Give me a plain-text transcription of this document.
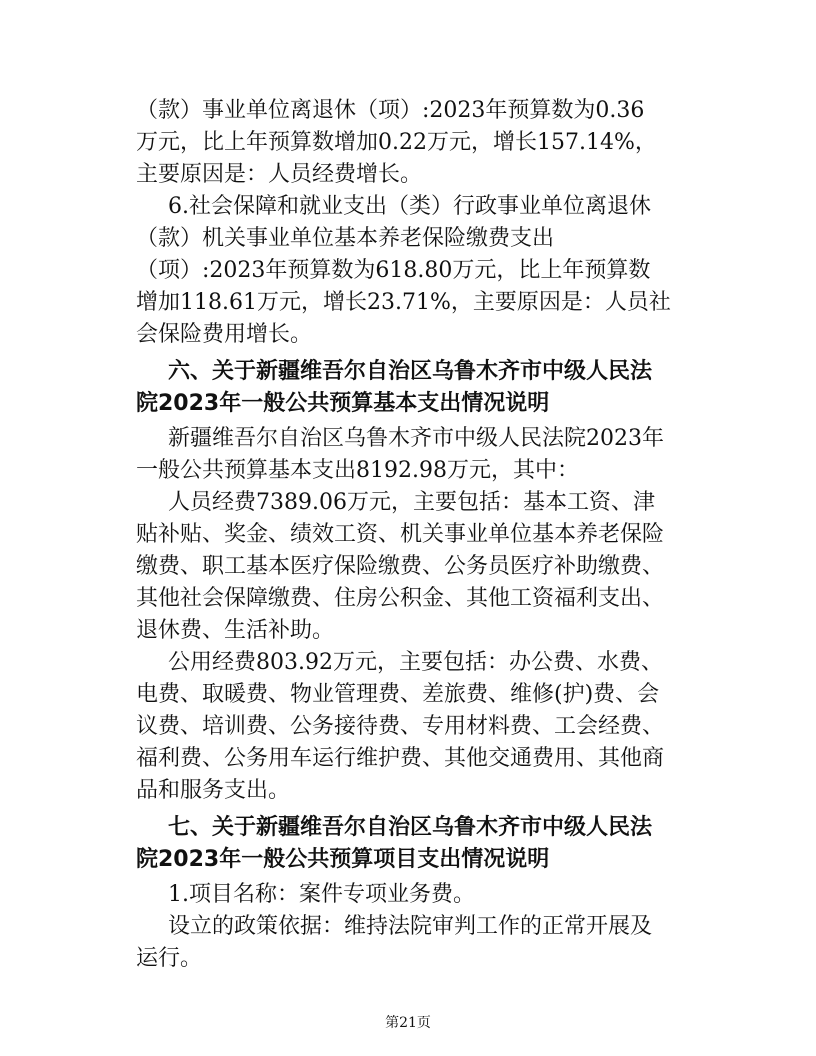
（款）事业单位离退休（项）:2023年预算数为0.36
万元，比上年预算数增加0.22万元，增长157.14%，
主要原因是：人员经费增长。
6.社会保障和就业支出（类）行政事业单位离退休
（款）机关事业单位基本养老保险缴费支出
（项）:2023年预算数为618.80万元，比上年预算数
增加118.61万元，增长23.71%，主要原因是：人员社
会保险费用增长。
六、关于新疆维吾尔自治区乌鲁木齐市中级人民法
院2023年一般公共预算基本支出情况说明
新疆维吾尔自治区乌鲁木齐市中级人民法院2023年
一般公共预算基本支出8192.98万元，其中：
人员经费7389.06万元，主要包括：基本工资、津
贴补贴、奖金、绩效工资、机关事业单位基本养老保险
缴费、职工基本医疗保险缴费、公务员医疗补助缴费、
其他社会保障缴费、住房公积金、其他工资福利支出、
退休费、生活补助。
公用经费803.92万元，主要包括：办公费、水费、
电费、取暖费、物业管理费、差旅费、维修(护)费、会
议费、培训费、公务接待费、专用材料费、工会经费、
福利费、公务用车运行维护费、其他交通费用、其他商
品和服务支出。
七、关于新疆维吾尔自治区乌鲁木齐市中级人民法
院2023年一般公共预算项目支出情况说明
1.项目名称：案件专项业务费。
设立的政策依据：维持法院审判工作的正常开展及
运行。
第21页
